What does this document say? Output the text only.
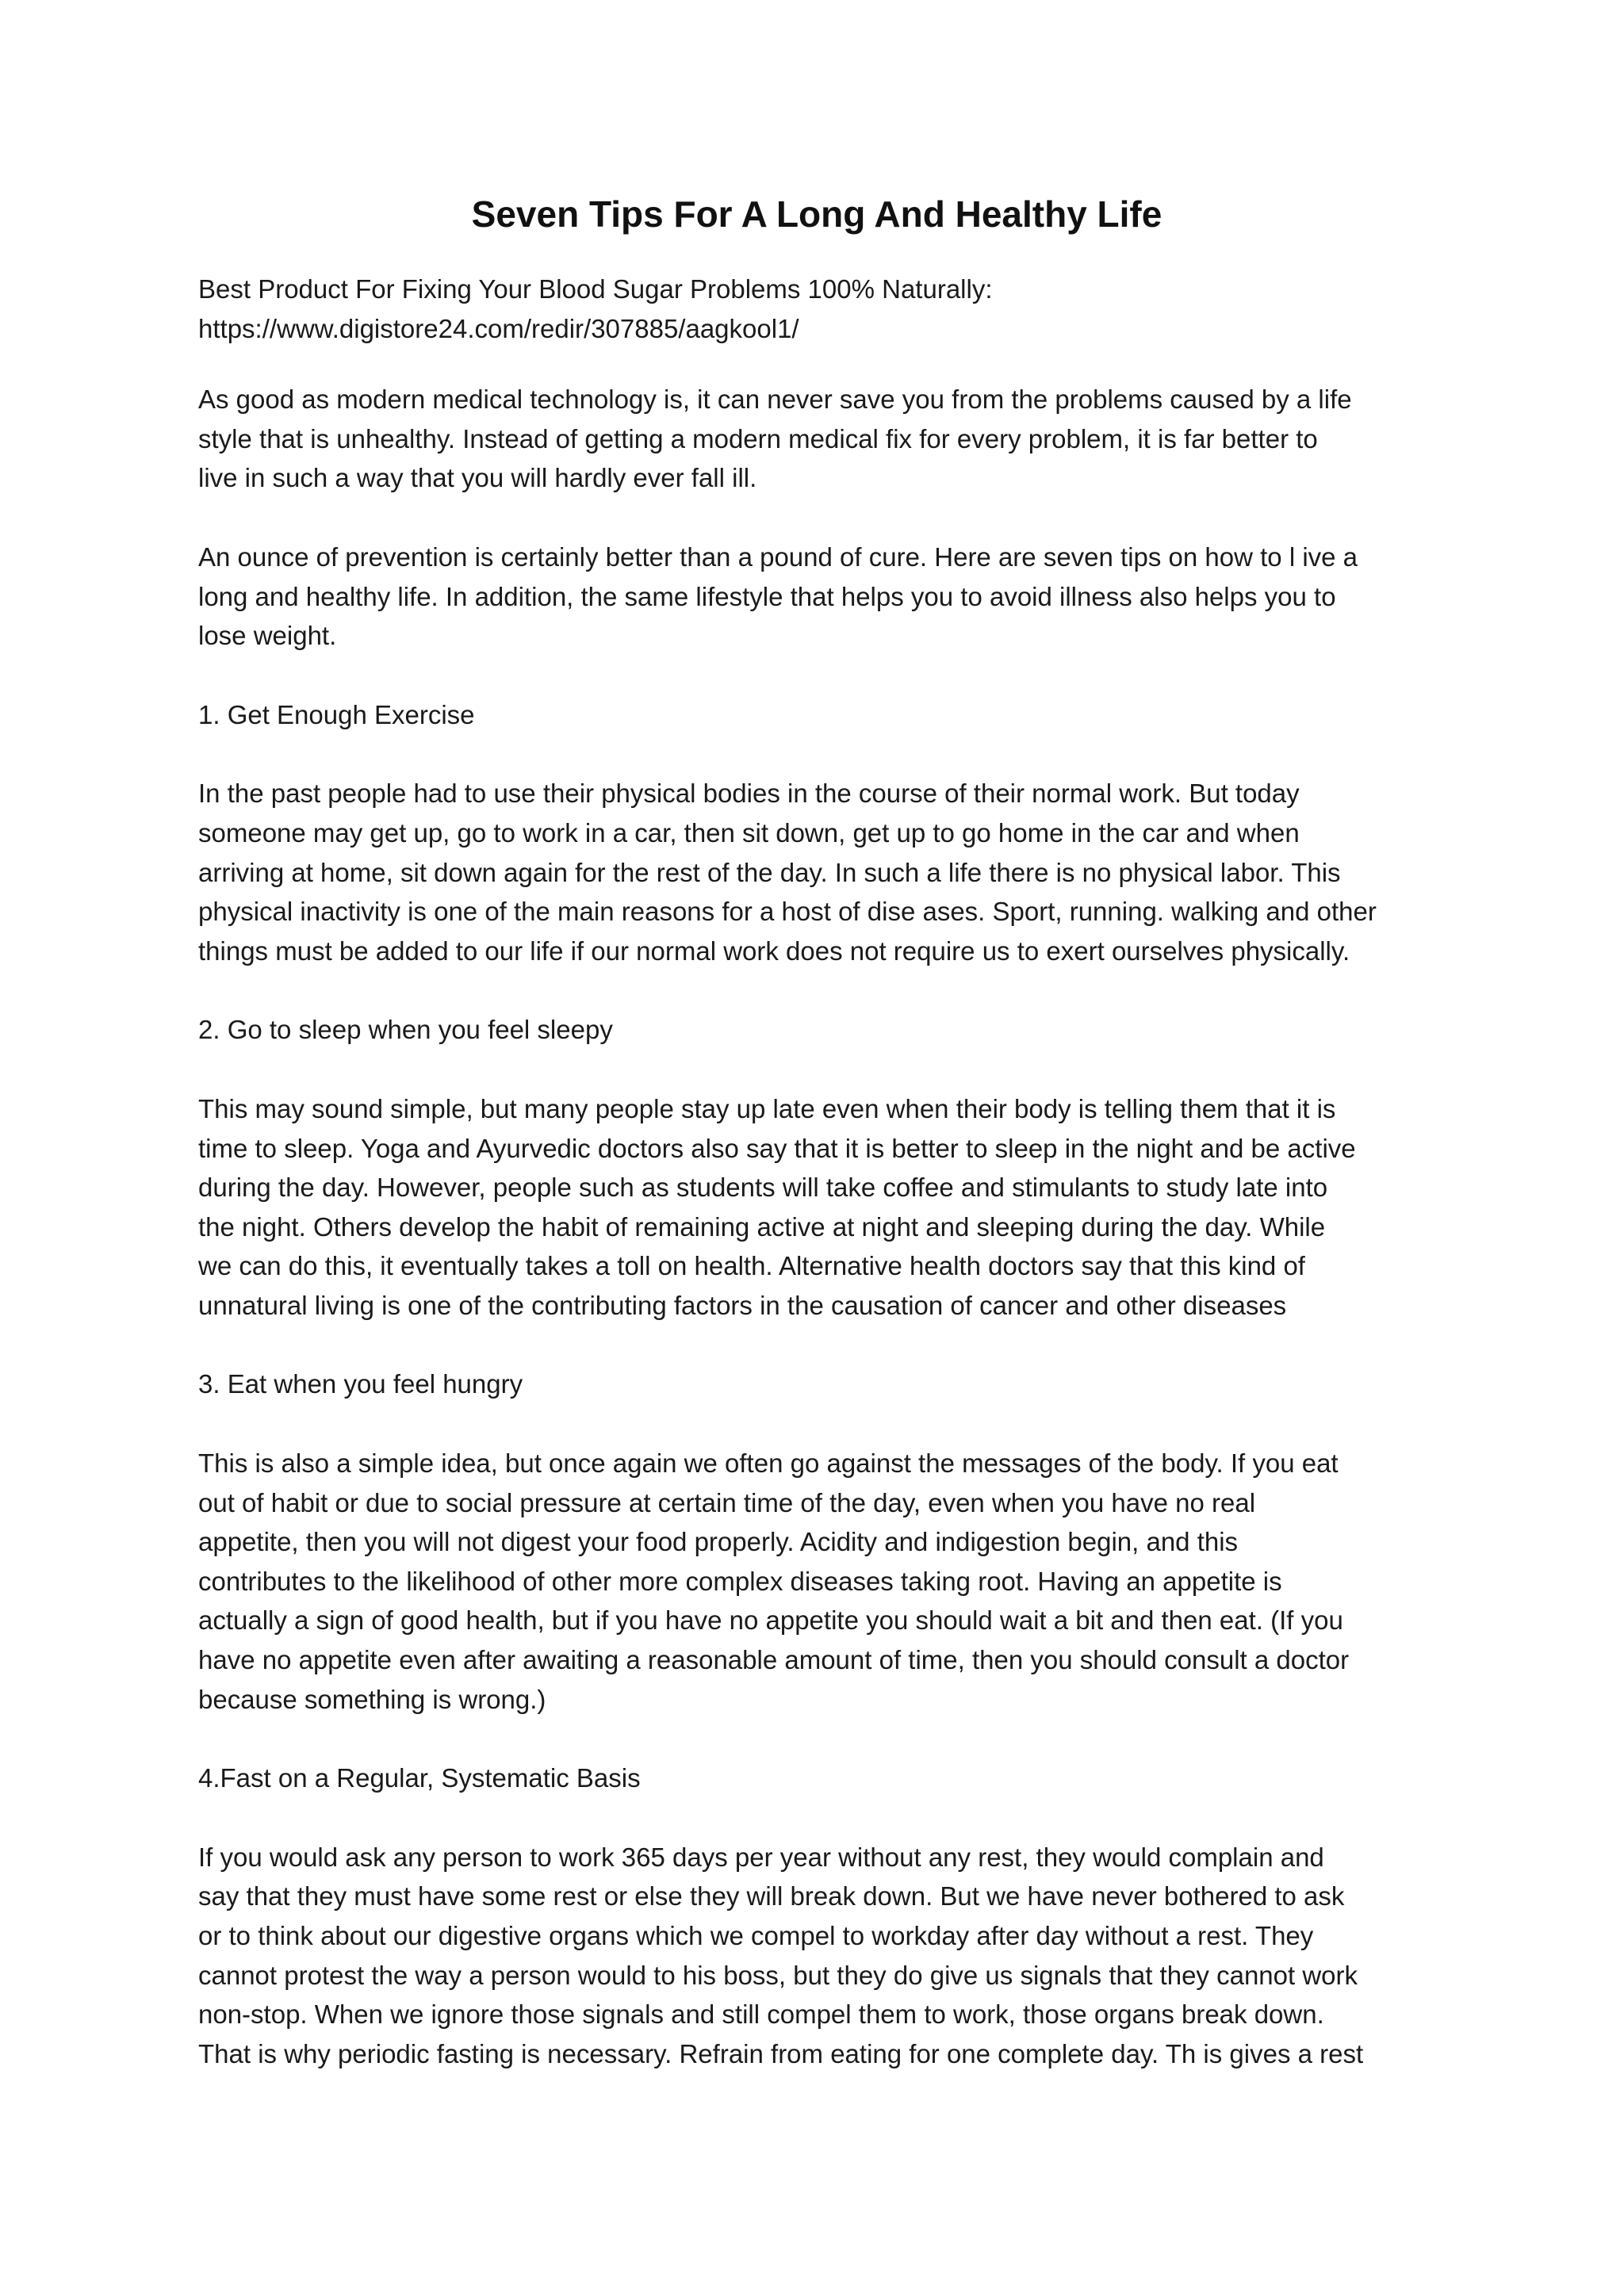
Seven Tips For A Long And Healthy Life

Best Product For Fixing Your Blood Sugar Problems 100% Naturally:

https://www.digistore24.com/redir/307885/aagkool1/

As good as modern medical technology is, it can never save you from the problems caused by a life

style that is unhealthy. Instead of getting a modern medical fix for every problem, it is far better to

live in such a way that you will hardly ever fall ill.

An ounce of prevention is certainly better than a pound of cure. Here are seven tips on how to l ive a

long and healthy life. In addition, the same lifestyle that helps you to avoid illness also helps you to

lose weight.

1. Get Enough Exercise

In the past people had to use their physical bodies in the course of their normal work. But today

someone may get up, go to work in a car, then sit down, get up to go home in the car and when

arriving at home, sit down again for the rest of the day. In such a life there is no physical labor. This

physical inactivity is one of the main reasons for a host of dise ases. Sport, running. walking and other

things must be added to our life if our normal work does not require us to exert ourselves physically.

2. Go to sleep when you feel sleepy

This may sound simple, but many people stay up late even when their body is telling them that it is

time to sleep. Yoga and Ayurvedic doctors also say that it is better to sleep in the night and be active

during the day. However, people such as students will take coffee and stimulants to study late into

the night. Others develop the habit of remaining active at night and sleeping during the day. While

we can do this, it eventually takes a toll on health. Alternative health doctors say that this kind of

unnatural living is one of the contributing factors in the causation of cancer and other diseases

3. Eat when you feel hungry

This is also a simple idea, but once again we often go against the messages of the body. If you eat

out of habit or due to social pressure at certain time of the day, even when you have no real

appetite, then you will not digest your food properly. Acidity and indigestion begin, and this

contributes to the likelihood of other more complex diseases taking root. Having an appetite is

actually a sign of good health, but if you have no appetite you should wait a bit and then eat. (If you

have no appetite even after awaiting a reasonable amount of time, then you should consult a doctor

because something is wrong.)

4.Fast on a Regular, Systematic Basis

If you would ask any person to work 365 days per year without any rest, they would complain and

say that they must have some rest or else they will break down. But we have never bothered to ask

or to think about our digestive organs which we compel to workday after day without a rest. They

cannot protest the way a person would to his boss, but they do give us signals that they cannot work

non-stop. When we ignore those signals and still compel them to work, those organs break down.

That is why periodic fasting is necessary. Refrain from eating for one complete day. Th is gives a rest
